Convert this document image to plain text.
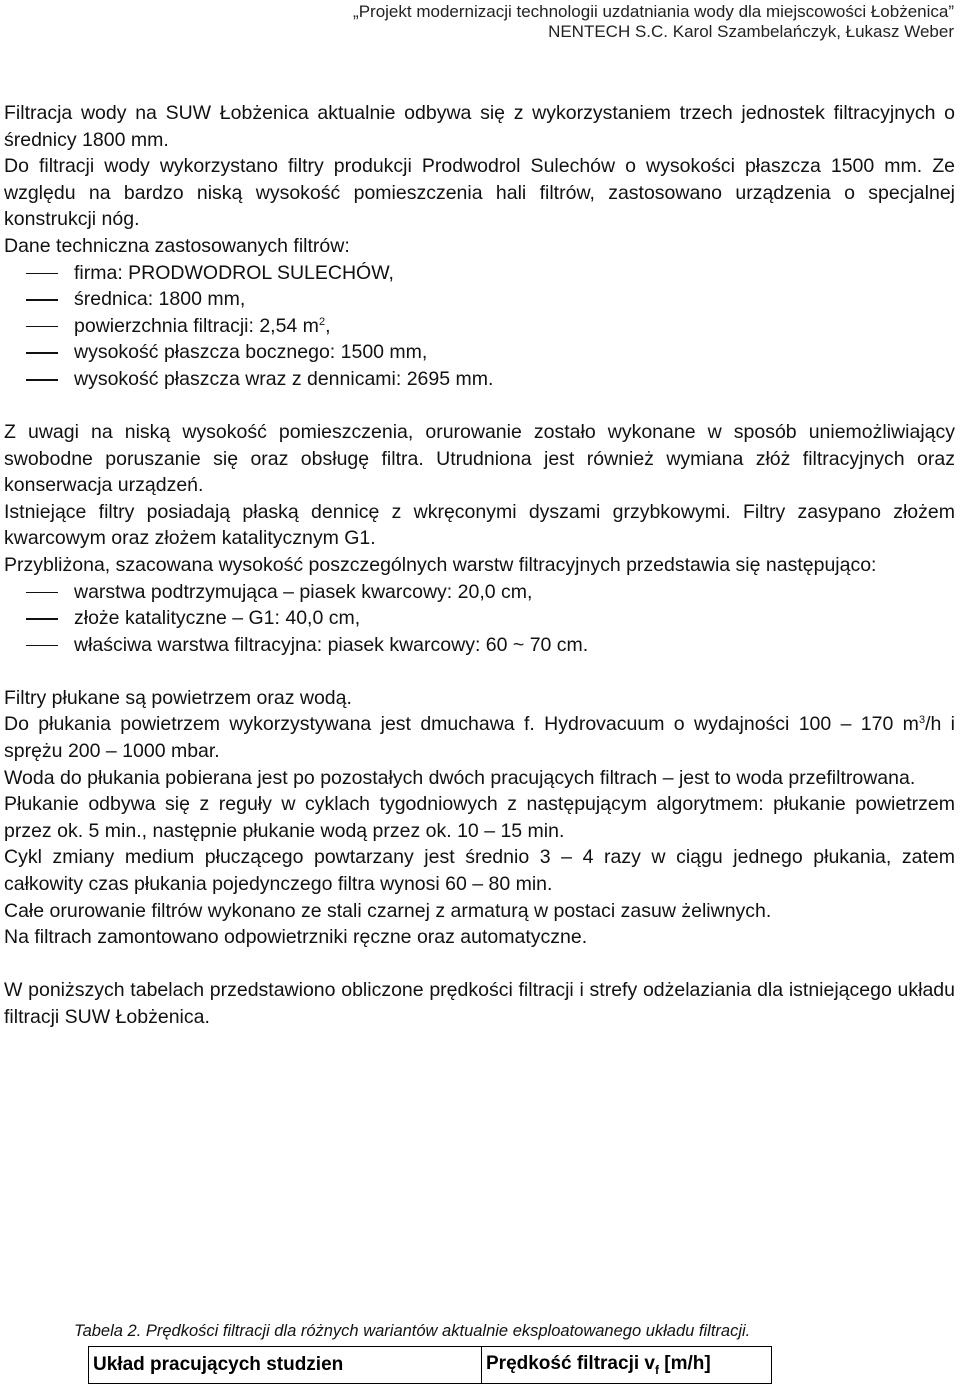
„Projekt modernizacji technologii uzdatniania wody dla miejscowości Łobżenica”
NENTECH S.C. Karol Szambelańczyk, Łukasz Weber

Filtracja wody na SUW Łobżenica aktualnie odbywa się z wykorzystaniem trzech jednostek filtracyjnych o średnicy 1800 mm.

Do filtracji wody wykorzystano filtry produkcji Prodwodrol Sulechów o wysokości płaszcza 1500 mm. Ze względu na bardzo niską wysokość pomieszczenia hali filtrów, zastosowano urządzenia o specjalnej konstrukcji nóg.

Dane techniczna zastosowanych filtrów:

firma: PRODWODROL SULECHÓW,
średnica: 1800 mm,
powierzchnia filtracji: 2,54 $m^2$,
wysokość płaszcza bocznego: 1500 mm,
wysokość płaszcza wraz z dennicami: 2695 mm.

Z uwagi na niską wysokość pomieszczenia, orurowanie zostało wykonane w sposób uniemożliwiający swobodne poruszanie się oraz obsługę filtra. Utrudniona jest również wymiana złóż filtracyjnych oraz konserwacja urządzeń.

Istniejące filtry posiadają płaską dennicę z wkręconymi dyszami grzybkowymi. Filtry zasypano złożem kwarcowym oraz złożem katalitycznym G1.

Przybliżona, szacowana wysokość poszczególnych warstw filtracyjnych przedstawia się następująco:

warstwa podtrzymująca – piasek kwarcowy: 20,0 cm,
złoże katalityczne – G1: 40,0 cm,
właściwa warstwa filtracyjna: piasek kwarcowy: 60 ~ 70 cm.

Filtry płukane są powietrzem oraz wodą.

Do płukania powietrzem wykorzystywana jest dmuchawa f. Hydrovacuum o wydajności 100 – 170 $m^3/h$ i sprężu 200 – 1000 mbar.

Woda do płukania pobierana jest po pozostałych dwóch pracujących filtrach – jest to woda przefiltrowana.

Płukanie odbywa się z reguły w cyklach tygodniowych z następującym algorytmem: płukanie powietrzem przez ok. 5 min., następnie płukanie wodą przez ok. 10 – 15 min.

Cykl zmiany medium płuczącego powtarzany jest średnio 3 – 4 razy w ciągu jednego płukania, zatem całkowity czas płukania pojedynczego filtra wynosi 60 – 80 min.

Całe orurowanie filtrów wykonano ze stali czarnej z armaturą w postaci zasuw żeliwnych.

Na filtrach zamontowano odpowietrzniki ręczne oraz automatyczne.

W poniższych tabelach przedstawiono obliczone prędkości filtracji i strefy odżelaziania dla istniejącego układu filtracji SUW Łobżenica.

Tabela 2. Prędkości filtracji dla różnych wariantów aktualnie eksploatowanego układu filtracji.
Układ pracujących studzien	Prędkość filtracji $v_f$ [m/h]
